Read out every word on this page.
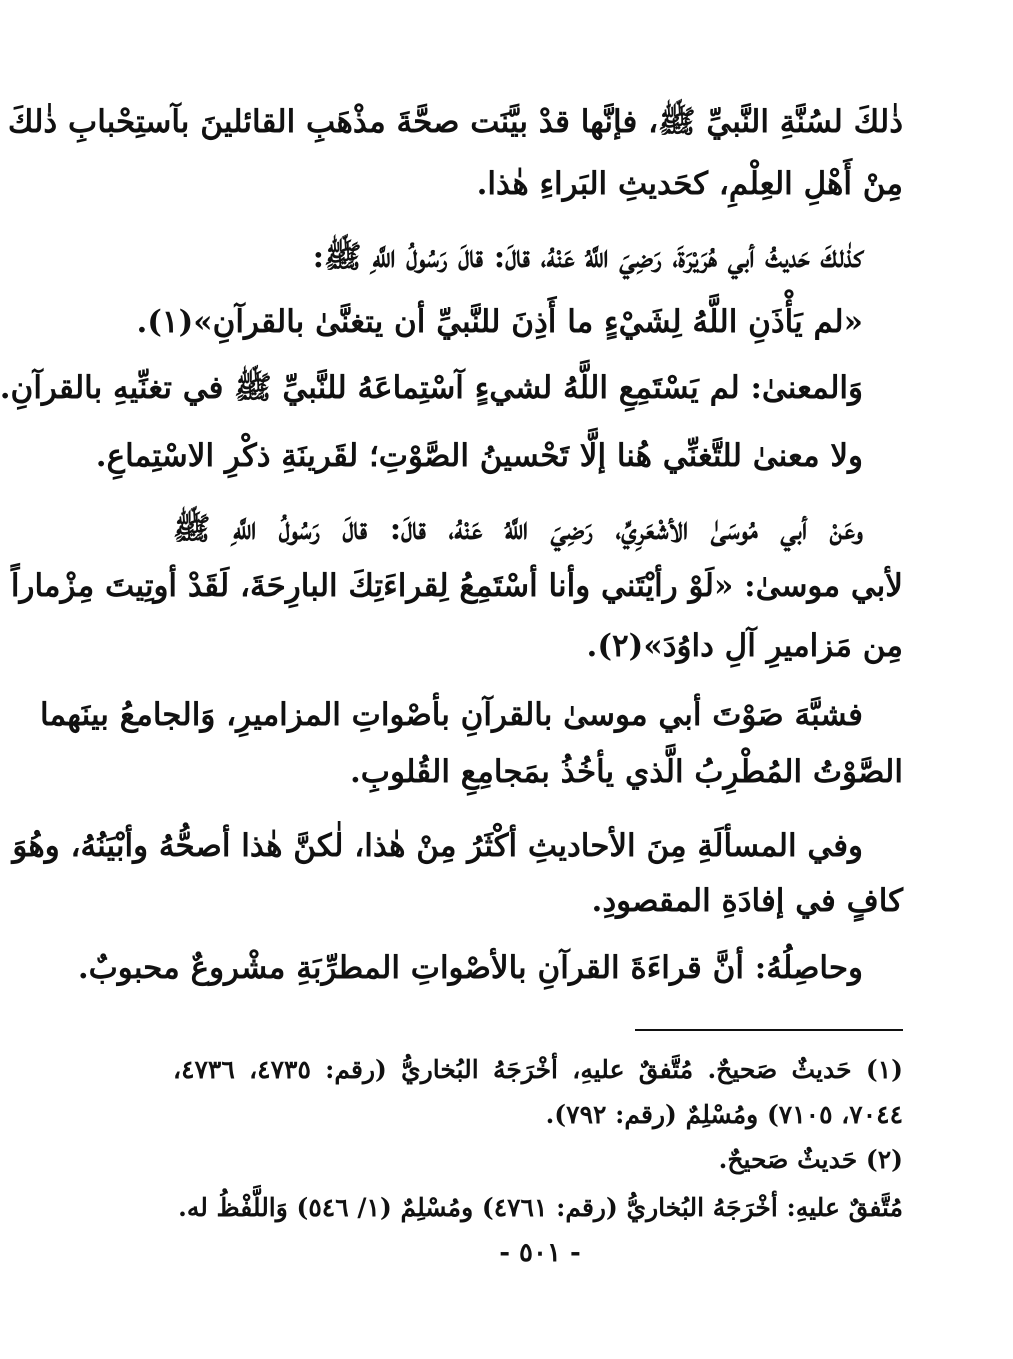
ذٰلكَ لسُنَّةِ النَّبيِّ ﷺ، فإنَّها قدْ بيَّنَت صحَّةَ مذْهَبِ القائلينَ بآستِحْبابِ ذٰلكَ
مِنْ أَهْلِ العِلْمِ، كحَديثِ البَراءِ هٰذا.
كذٰلكَ حَديثُ أبي هُرَيْرَةَ، رَضِيَ اللَّهُ عَنْهُ، قالَ: قالَ رَسُولُ اللَّهِ ﷺ:
«لم يَأْذَنِ اللَّهُ لِشَيْءٍ ما أَذِنَ للنَّبيِّ أن يتغنَّىٰ بالقرآنِ»(١).
وَالمعنىٰ: لم يَسْتَمِعِ اللَّهُ لشيءٍ آسْتِماعَهُ للنَّبيِّ ﷺ في تغنِّيهِ بالقرآنِ.
ولا معنىٰ للتَّغنِّي هُنا إلَّا تَحْسينُ الصَّوْتِ؛ لقَرينَةِ ذكْرِ الاسْتِماعِ.
وعَنْ أبي مُوسَىٰ الأشْعَرِيِّ، رَضِيَ اللَّهُ عَنْهُ، قالَ: قالَ رَسُولُ اللَّهِ ﷺ
لأبي موسىٰ: «لَوْ رأيْتَني وأنا أسْتَمِعُ لِقراءَتِكَ البارِحَةَ، لَقَدْ أوتِيتَ مِزْماراً
مِن مَزاميرِ آلِ داوُدَ»(٢).
فشبَّهَ صَوْتَ أبي موسىٰ بالقرآنِ بأصْواتِ المزاميرِ، وَالجامعُ بينَهما
الصَّوْتُ المُطْرِبُ الَّذي يأخُذُ بمَجامِعِ القُلوبِ.
وفي المسألَةِ مِنَ الأحاديثِ أكْثَرُ مِنْ هٰذا، لٰكنَّ هٰذا أصحُّهُ وأبْيَنُهُ، وهُوَ
كافٍ في إفادَةِ المقصودِ.
وحاصِلُهُ: أنَّ قراءَةَ القرآنِ بالأصْواتِ المطرِّبَةِ مشْروعٌ محبوبٌ.
(١) حَديثٌ صَحيحٌ. مُتَّفقٌ عليهِ، أخْرَجَهُ البُخاريُّ (رقم: ٤٧٣٥، ٤٧٣٦،
٧٠٤٤، ٧١٠٥) ومُسْلِمٌ (رقم: ٧٩٢).
(٢) حَديثٌ صَحيحٌ.
مُتَّفقٌ عليهِ: أخْرَجَهُ البُخاريُّ (رقم: ٤٧٦١) ومُسْلِمٌ (١/ ٥٤٦) وَاللَّفْظُ له.
- ٥٠١ -
